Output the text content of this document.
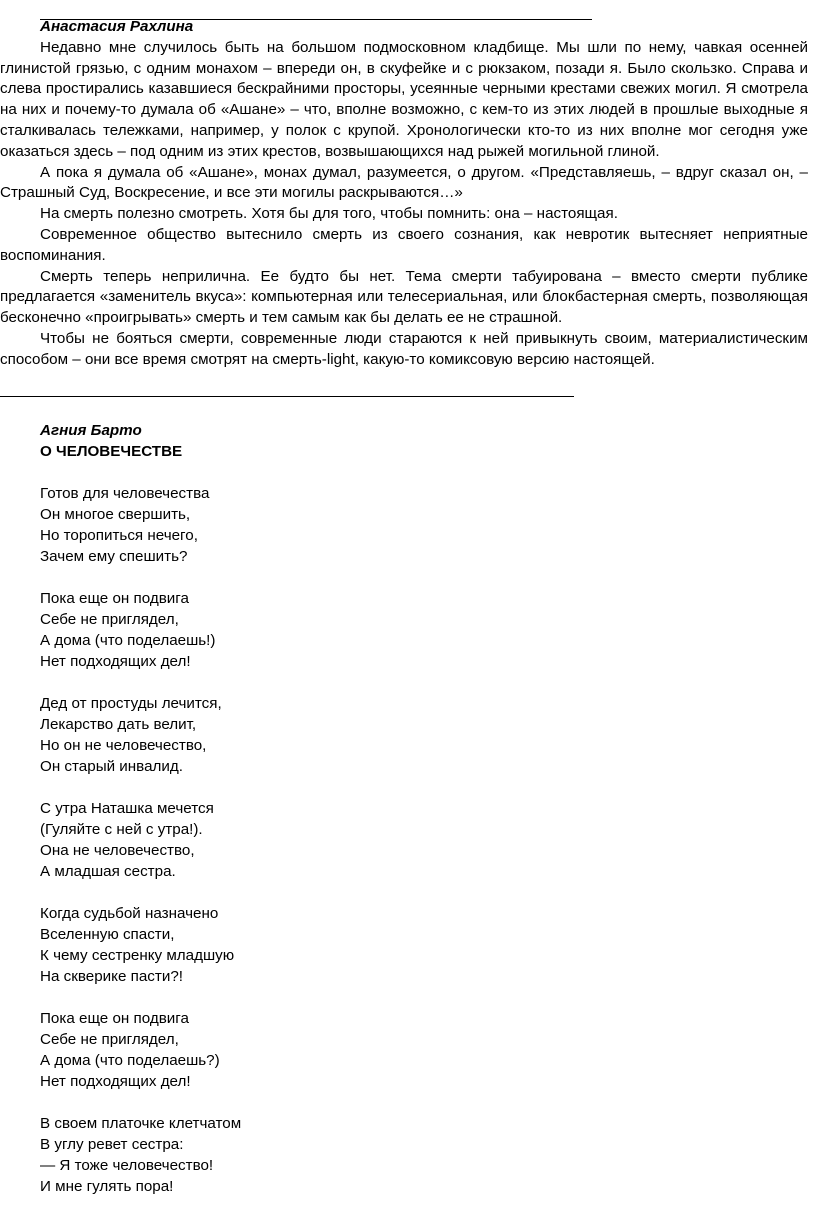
Анастасия Рахлина

Недавно мне случилось быть на большом подмосковном кладбище. Мы шли по нему, чавкая осенней глинистой грязью, с одним монахом – впереди он, в скуфейке и с рюкзаком, позади я. Было скользко. Справа и слева простирались казавшиеся бескрайними просторы, усеянные черными крестами свежих могил. Я смотрела на них и почему-то думала об «Ашане» – что, вполне возможно, с кем-то из этих людей в прошлые выходные я сталкивалась тележками, например, у полок с крупой. Хронологически кто-то из них вполне мог сегодня уже оказаться здесь – под одним из этих крестов, возвышающихся над рыжей могильной глиной.

А пока я думала об «Ашане», монах думал, разумеется, о другом. «Представляешь, – вдруг сказал он, – Страшный Суд, Воскресение, и все эти могилы раскрываются…»

На смерть полезно смотреть. Хотя бы для того, чтобы помнить: она – настоящая.

Современное общество вытеснило смерть из своего сознания, как невротик вытесняет неприятные воспоминания.

Смерть теперь неприлична. Ее будто бы нет. Тема смерти табуирована – вместо смерти публике предлагается «заменитель вкуса»: компьютерная или телесериальная, или блокбастерная смерть, позволяющая бесконечно «проигрывать» смерть и тем самым как бы делать ее не страшной.

Чтобы не бояться смерти, современные люди стараются к ней привыкнуть своим, материалистическим способом – они все время смотрят на смерть-light, какую-то комиксовую версию настоящей.

Агния Барто
О ЧЕЛОВЕЧЕСТВЕ
Готов для человечества
Он многое свершить,
Но торопиться нечего,
Зачем ему спешить?
Пока еще он подвига
Себе не приглядел,
А дома (что поделаешь!)
Нет подходящих дел!
Дед от простуды лечится,
Лекарство дать велит,
Но он не человечество,
Он старый инвалид.
С утра Наташка мечется
(Гуляйте с ней с утра!).
Она не человечество,
А младшая сестра.
Когда судьбой назначено
Вселенную спасти,
К чему сестренку младшую
На скверике пасти?!
Пока еще он подвига
Себе не приглядел,
А дома (что поделаешь?)
Нет подходящих дел!
В своем платочке клетчатом
В углу ревет сестра:
— Я тоже человечество!
И мне гулять пора!
